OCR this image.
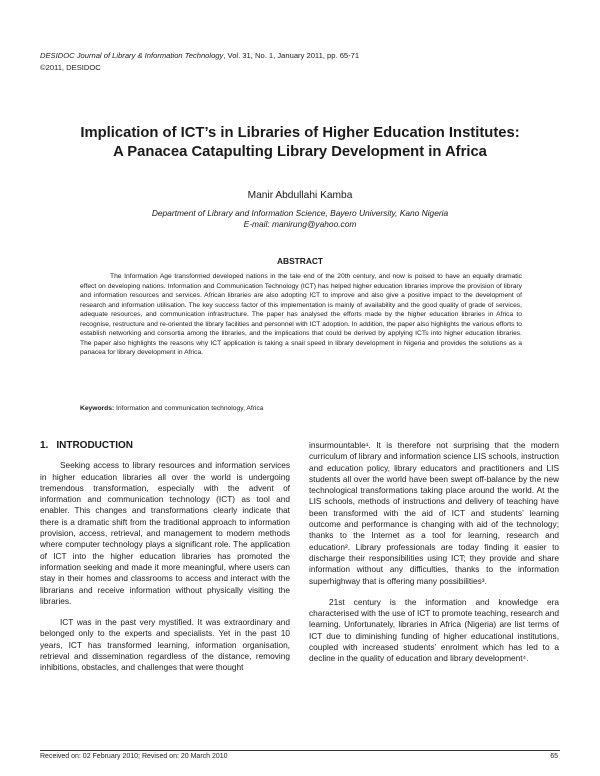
DESIDOC Journal of Library & Information Technology, Vol. 31, No. 1, January 2011, pp. 65-71
©2011, DESIDOC
Implication of ICT’s in Libraries of Higher Education Institutes:
A Panacea Catapulting Library Development in Africa
Manir Abdullahi Kamba
Department of Library and Information Science, Bayero University, Kano Nigeria
E-mail: manirung@yahoo.com
ABSTRACT

The Information Age transformed developed nations in the tale end of the 20th century, and now is poised to have an equally dramatic effect on developing nations. Information and Communication Technology (ICT) has helped higher education libraries improve the provision of library and information resources and services. African libraries are also adopting ICT to improve and also give a positive impact to the development of research and information utilisation. The key success factor of this implementation is mainly of availability and the good quality of grade of services, adequate resources, and communication infrastructure. The paper has analysed the efforts made by the higher education libraries in Africa to recognise, restructure and re-oriented the library facilities and personnel with ICT adoption. In addition, the paper also highlights the various efforts to establish networking and consortia among the libraries, and the implications that could be derived by applying ICTs into higher education libraries. The paper also highlights the reasons why ICT application is taking a snail speed in library development in Nigeria and provides the solutions as a panacea for library development in Africa.

Keywords: Information and communication technology, Africa
1. INTRODUCTION

Seeking access to library resources and information services in higher education libraries all over the world is undergoing tremendous transformation, especially with the advent of information and communication technology (ICT) as tool and enabler. This changes and transformations clearly indicate that there is a dramatic shift from the traditional approach to information provision, access, retrieval, and management to modern methods where computer technology plays a significant role. The application of ICT into the higher education libraries has promoted the information seeking and made it more meaningful, where users can stay in their homes and classrooms to access and interact with the librarians and receive information without physically visiting the libraries.

ICT was in the past very mystified. It was extraordinary and belonged only to the experts and specialists. Yet in the past 10 years, ICT has transformed learning, information organisation, retrieval and dissemination regardless of the distance, removing inhibitions, obstacles, and challenges that were thought

insurmountable¹. It is therefore not surprising that the modern curriculum of library and information science LIS schools, instruction and education policy, library educators and practitioners and LIS students all over the world have been swept off-balance by the new technological transformations taking place around the world. At the LIS schools, methods of instructions and delivery of teaching have been transformed with the aid of ICT and students’ learning outcome and performance is changing with aid of the technology; thanks to the Internet as a tool for learning, research and education². Library professionals are today finding it easier to discharge their responsibilities using ICT; they provide and share information without any difficulties, thanks to the information superhighway that is offering many possibilities³.

21st century is the information and knowledge era characterised with the use of ICT to promote teaching, research and learning. Unfortunately, libraries in Africa (Nigeria) are list terms of ICT due to diminishing funding of higher educational institutions, coupled with increased students’ enrolment which has led to a decline in the quality of education and library development⁴.

Received on: 02 February 2010; Revised on: 20 March 2010	65
